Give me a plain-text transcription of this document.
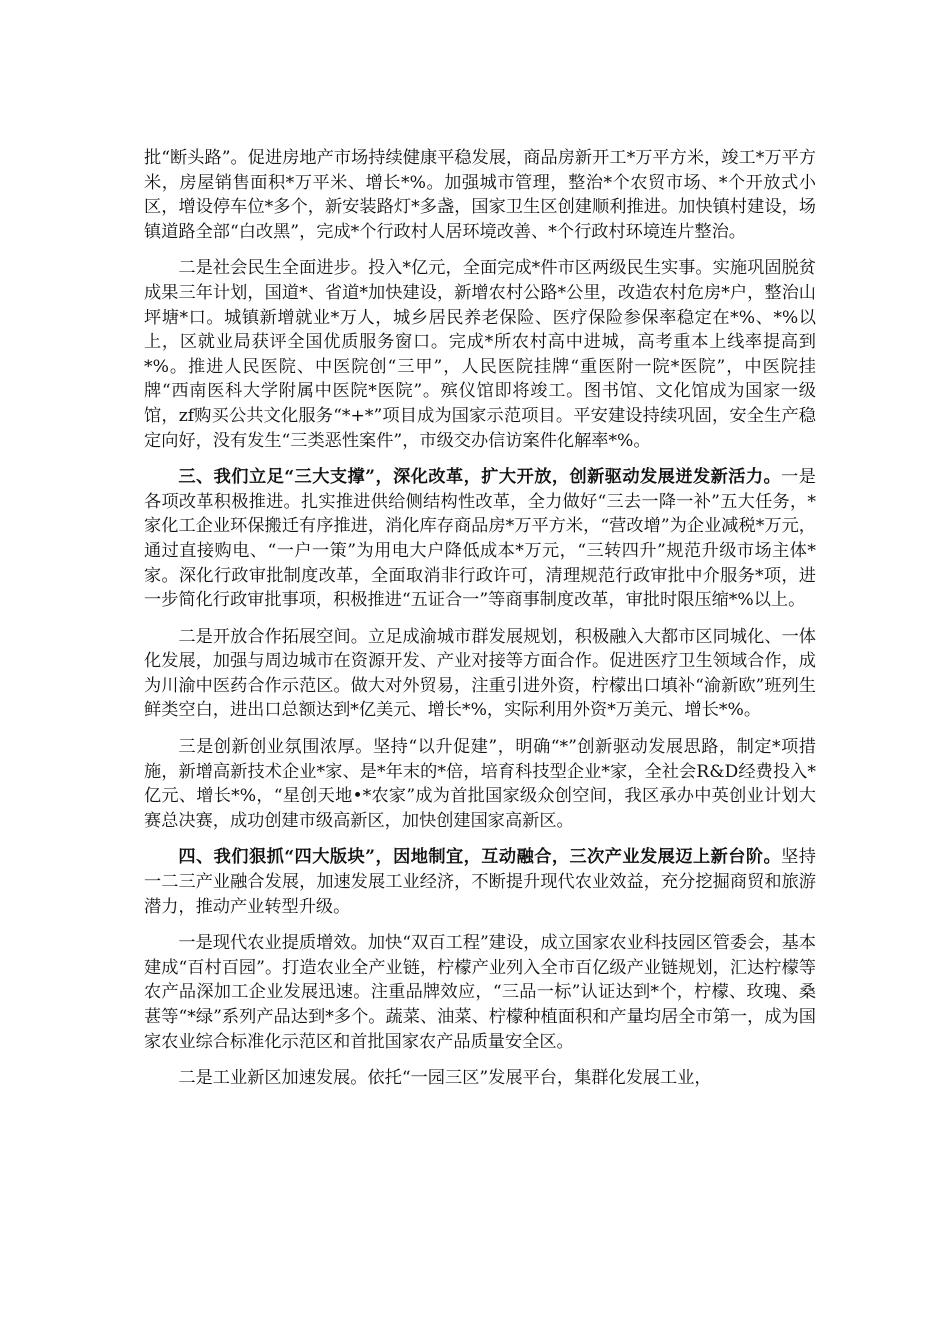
批“断头路”。促进房地产市场持续健康平稳发展，商品房新开工*万平方米，竣工*万平方米，房屋销售面积*万平米、增长*%。加强城市管理，整治*个农贸市场、*个开放式小区，增设停车位*多个，新安装路灯*多盏，国家卫生区创建顺利推进。加快镇村建设，场镇道路全部“白改黑”，完成*个行政村人居环境改善、*个行政村环境连片整治。

二是社会民生全面进步。投入*亿元，全面完成*件市区两级民生实事。实施巩固脱贫成果三年计划，国道*、省道*加快建设，新增农村公路*公里，改造农村危房*户，整治山坪塘*口。城镇新增就业*万人，城乡居民养老保险、医疗保险参保率稳定在*%、*%以上，区就业局获评全国优质服务窗口。完成*所农村高中进城，高考重本上线率提高到*%。推进人民医院、中医院创“三甲”，人民医院挂牌“重医附一院*医院”，中医院挂牌“西南医科大学附属中医院*医院”。殡仪馆即将竣工。图书馆、文化馆成为国家一级馆，zf购买公共文化服务“*+*”项目成为国家示范项目。平安建设持续巩固，安全生产稳定向好，没有发生“三类恶性案件”，市级交办信访案件化解率*%。

三、我们立足“三大支撑”，深化改革，扩大开放，创新驱动发展迸发新活力。一是各项改革积极推进。扎实推进供给侧结构性改革，全力做好“三去一降一补”五大任务，*家化工企业环保搬迁有序推进，消化库存商品房*万平方米，“营改增”为企业减税*万元，通过直接购电、“一户一策”为用电大户降低成本*万元，“三转四升”规范升级市场主体*家。深化行政审批制度改革，全面取消非行政许可，清理规范行政审批中介服务*项，进一步简化行政审批事项，积极推进“五证合一”等商事制度改革，审批时限压缩*%以上。

二是开放合作拓展空间。立足成渝城市群发展规划，积极融入大都市区同城化、一体化发展，加强与周边城市在资源开发、产业对接等方面合作。促进医疗卫生领域合作，成为川渝中医药合作示范区。做大对外贸易，注重引进外资，柠檬出口填补“渝新欧”班列生鲜类空白，进出口总额达到*亿美元、增长*%，实际利用外资*万美元、增长*%。

三是创新创业氛围浓厚。坚持“以升促建”，明确“*”创新驱动发展思路，制定*项措施，新增高新技术企业*家、是*年末的*倍，培育科技型企业*家，全社会R&D经费投入*亿元、增长*%，“星创天地•*农家”成为首批国家级众创空间，我区承办中英创业计划大赛总决赛，成功创建市级高新区，加快创建国家高新区。

四、我们狠抓“四大版块”，因地制宜，互动融合，三次产业发展迈上新台阶。坚持一二三产业融合发展，加速发展工业经济，不断提升现代农业效益，充分挖掘商贸和旅游潜力，推动产业转型升级。

一是现代农业提质增效。加快“双百工程”建设，成立国家农业科技园区管委会，基本建成“百村百园”。打造农业全产业链，柠檬产业列入全市百亿级产业链规划，汇达柠檬等农产品深加工企业发展迅速。注重品牌效应，“三品一标”认证达到*个，柠檬、玫瑰、桑葚等“*绿”系列产品达到*多个。蔬菜、油菜、柠檬种植面积和产量均居全市第一，成为国家农业综合标准化示范区和首批国家农产品质量安全区。

二是工业新区加速发展。依托“一园三区”发展平台，集群化发展工业，
